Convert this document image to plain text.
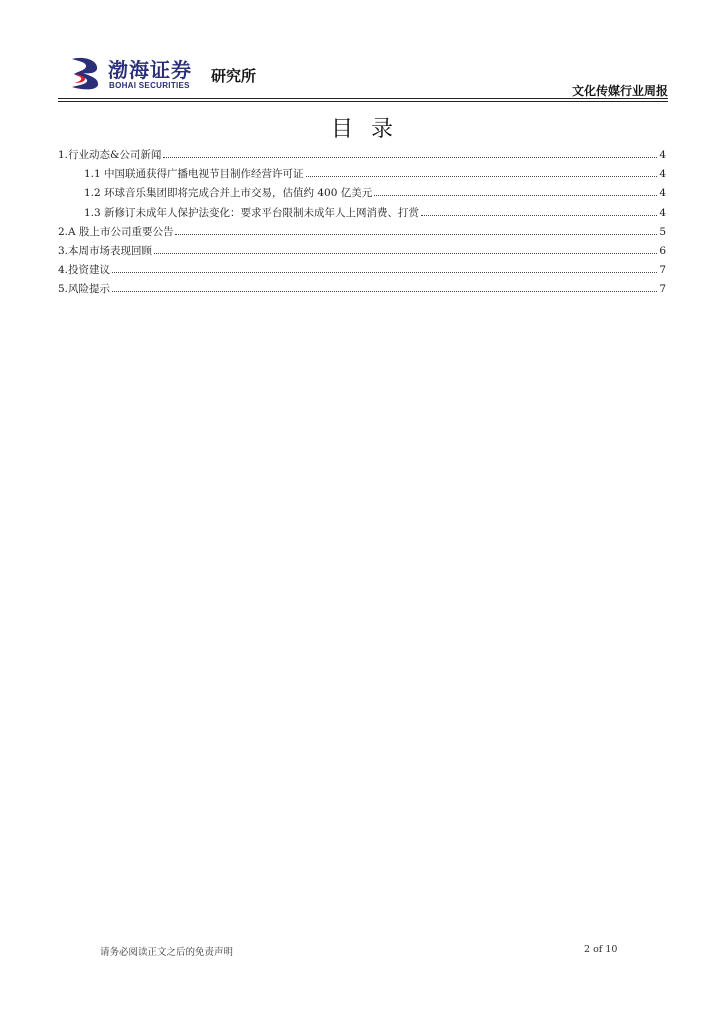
渤海证券
BOHAI SECURITIES
研究所
文化传媒行业周报
目录
1.行业动态&公司新闻	4
1.1 中国联通获得广播电视节目制作经营许可证	4
1.2 环球音乐集团即将完成合并上市交易，估值约 400 亿美元	4
1.3 新修订未成年人保护法变化：要求平台限制未成年人上网消费、打赏	4
2.A 股上市公司重要公告	5
3.本周市场表现回顾	6
4.投资建议	7
5.风险提示	7
请务必阅读正文之后的免责声明	2 of 10
